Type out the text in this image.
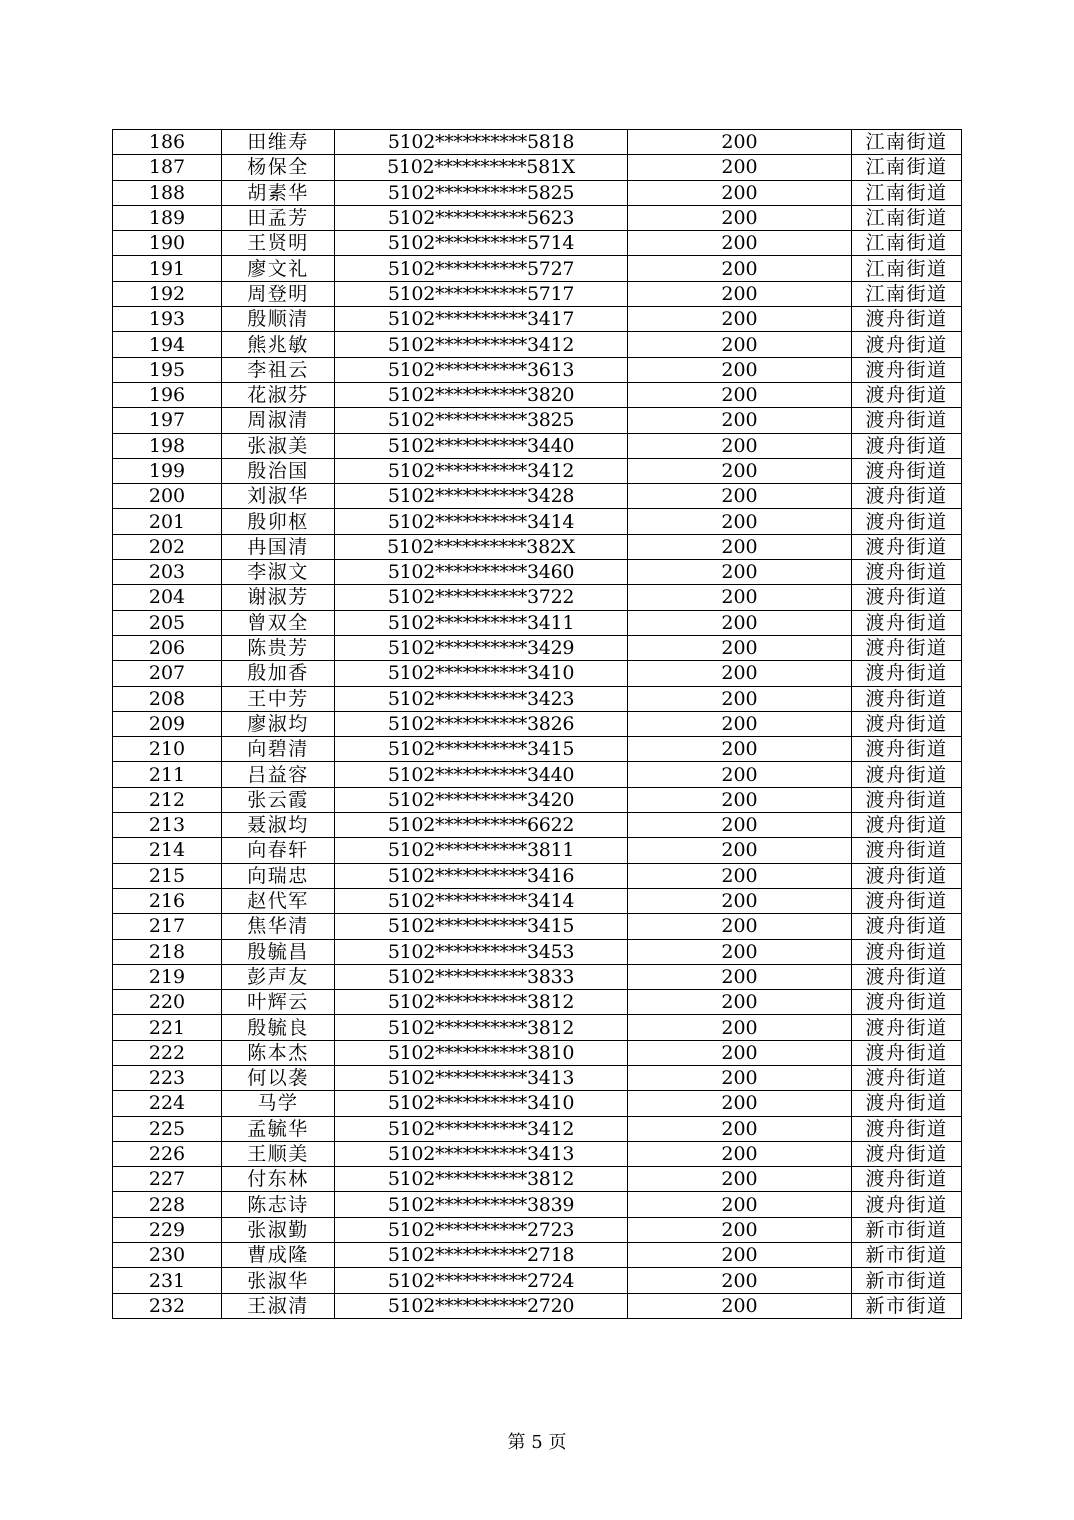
186	田维寿	5102**********5818	200	江南街道
187	杨保全	5102**********581X	200	江南街道
188	胡素华	5102**********5825	200	江南街道
189	田孟芳	5102**********5623	200	江南街道
190	王贤明	5102**********5714	200	江南街道
191	廖文礼	5102**********5727	200	江南街道
192	周登明	5102**********5717	200	江南街道
193	殷顺清	5102**********3417	200	渡舟街道
194	熊兆敏	5102**********3412	200	渡舟街道
195	李祖云	5102**********3613	200	渡舟街道
196	花淑芬	5102**********3820	200	渡舟街道
197	周淑清	5102**********3825	200	渡舟街道
198	张淑美	5102**********3440	200	渡舟街道
199	殷治国	5102**********3412	200	渡舟街道
200	刘淑华	5102**********3428	200	渡舟街道
201	殷卯枢	5102**********3414	200	渡舟街道
202	冉国清	5102**********382X	200	渡舟街道
203	李淑文	5102**********3460	200	渡舟街道
204	谢淑芳	5102**********3722	200	渡舟街道
205	曾双全	5102**********3411	200	渡舟街道
206	陈贵芳	5102**********3429	200	渡舟街道
207	殷加香	5102**********3410	200	渡舟街道
208	王中芳	5102**********3423	200	渡舟街道
209	廖淑均	5102**********3826	200	渡舟街道
210	向碧清	5102**********3415	200	渡舟街道
211	吕益容	5102**********3440	200	渡舟街道
212	张云霞	5102**********3420	200	渡舟街道
213	聂淑均	5102**********6622	200	渡舟街道
214	向春轩	5102**********3811	200	渡舟街道
215	向瑞忠	5102**********3416	200	渡舟街道
216	赵代军	5102**********3414	200	渡舟街道
217	焦华清	5102**********3415	200	渡舟街道
218	殷毓昌	5102**********3453	200	渡舟街道
219	彭声友	5102**********3833	200	渡舟街道
220	叶辉云	5102**********3812	200	渡舟街道
221	殷毓良	5102**********3812	200	渡舟街道
222	陈本杰	5102**********3810	200	渡舟街道
223	何以袭	5102**********3413	200	渡舟街道
224	马学	5102**********3410	200	渡舟街道
225	孟毓华	5102**********3412	200	渡舟街道
226	王顺美	5102**********3413	200	渡舟街道
227	付东林	5102**********3812	200	渡舟街道
228	陈志诗	5102**********3839	200	渡舟街道
229	张淑勤	5102**********2723	200	新市街道
230	曹成隆	5102**********2718	200	新市街道
231	张淑华	5102**********2724	200	新市街道
232	王淑清	5102**********2720	200	新市街道
第 5 页
